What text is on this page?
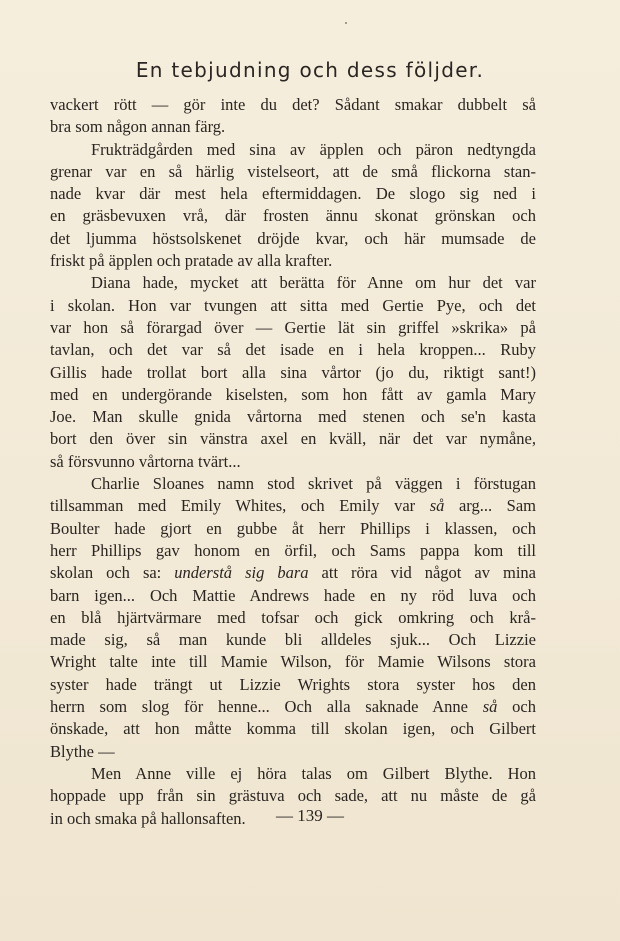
En tebjudning och dess följder.
vackert rött — gör inte du det? Sådant smakar dubbelt så
bra som någon annan färg.
Frukträdgården med sina av äpplen och päron nedtyngda
grenar var en så härlig vistelseort, att de små flickorna stan-
nade kvar där mest hela eftermiddagen. De slogo sig ned i
en gräsbevuxen vrå, där frosten ännu skonat grönskan och
det ljumma höstsolskenet dröjde kvar, och här mumsade de
friskt på äpplen och pratade av alla krafter.
Diana hade, mycket att berätta för Anne om hur det var
i skolan. Hon var tvungen att sitta med Gertie Pye, och det
var hon så förargad över — Gertie lät sin griffel »skrika» på
tavlan, och det var så det isade en i hela kroppen... Ruby
Gillis hade trollat bort alla sina vårtor (jo du, riktigt sant!)
med en undergörande kiselsten, som hon fått av gamla Mary
Joe. Man skulle gnida vårtorna med stenen och se'n kasta
bort den över sin vänstra axel en kväll, när det var nymåne,
så försvunno vårtorna tvärt...
Charlie Sloanes namn stod skrivet på väggen i förstugan
tillsamman med Emily Whites, och Emily var så arg... Sam
Boulter hade gjort en gubbe åt herr Phillips i klassen, och
herr Phillips gav honom en örfil, och Sams pappa kom till
skolan och sa: understå sig bara att röra vid något av mina
barn igen... Och Mattie Andrews hade en ny röd luva och
en blå hjärtvärmare med tofsar och gick omkring och krå-
made sig, så man kunde bli alldeles sjuk... Och Lizzie
Wright talte inte till Mamie Wilson, för Mamie Wilsons stora
syster hade trängt ut Lizzie Wrights stora syster hos den
herrn som slog för henne... Och alla saknade Anne så och
önskade, att hon måtte komma till skolan igen, och Gilbert
Blythe —
Men Anne ville ej höra talas om Gilbert Blythe. Hon
hoppade upp från sin grästuva och sade, att nu måste de gå
in och smaka på hallonsaften.	— 139 —
